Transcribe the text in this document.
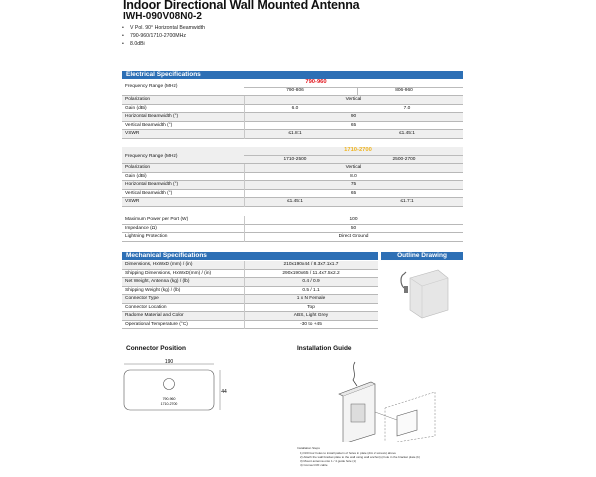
Indoor Directional Wall Mounted Antenna
IWH-090V08N0-2
• V Pol. 90° Horizontal Beamwidth
• 790-960/1710-2700MHz
• 8.0dBi
Electrical Specifications
Frequency Range (MHz)
790-960
790-806	806-960
Polarization	Vertical
Gain (dBi)	6.0	7.0
Horizontal Beamwidth (°)	90
Vertical Beamwidth (°)	65
VSWR	≤1.8:1	≤1.45:1
Frequency Range (MHz)
1710-2700
1710-2500	2500-2700
Polarization	Vertical
Gain (dBi)	8.0
Horizontal Beamwidth (°)	75
Vertical Beamwidth (°)	65
VSWR	≤1.45:1	≤1.7:1
Maximum Power per Port (W)	100
Impedance (Ω)	50
Lightning Protection	Direct Ground
Mechanical Specifications	Outline Drawing
Dimensions, HxWxD (mm) / (in)	210x190x44 / 8.3x7.1x1.7
Shipping Dimensions, HxWxD(mm) / (in)	290x190x65 / 11.4x7.5x2.2
Net Weight, Antenna (kg) / (lb)	0.4 / 0.9
Shipping Weight (kg) / (lb)	0.5 / 1.1
Connector Type	1 x N Female
Connector Location	Top
Radome Material and Color	ABS, Light Grey
Operational Temperature (°C)	-30 to +45
Connector Position
190
790-960
1710-2700
44
Installation Guide
Installation Steps
1) Drill four holes to install pattern of holes in plate (dim 2 screws) above
2) Attach the wall bracket plate to the wall using wall anchor(s) hole in the bracket plate (b)
3) Mount antenna onto 1 / 4 guide hole (1)
4) Connect RF cable
